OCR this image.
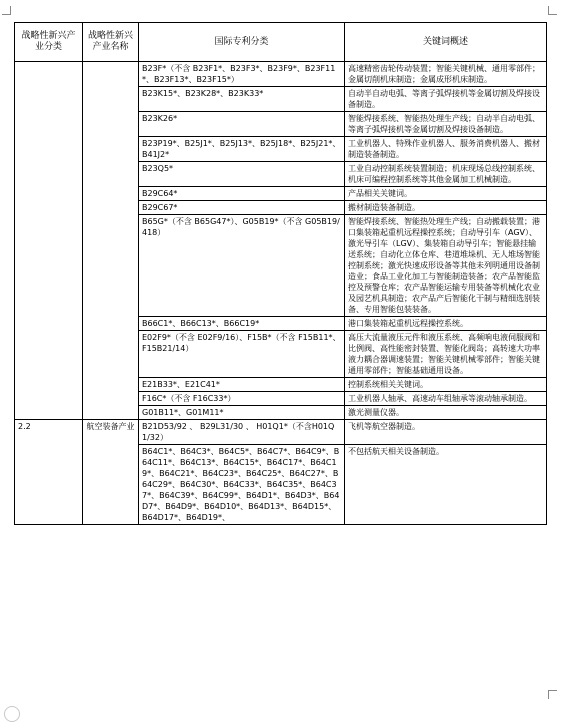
战略性新兴产业分类	战略性新兴产业名称	国际专利分类	关键词概述
		B23F*（不含 B23F1*、B23F3*、B23F9*、B23F11*、B23F13*、B23F15*）	高速精密齿轮传动装置；智能关键机械、通用零部件；金属切削机床制造；金属成形机床制造。
		B23K15*、B23K28*、B23K33*	自动半自动电弧、等离子弧焊接机等金属切割及焊接设备制造。
		B23K26*	智能焊接系统、智能热处理生产线；自动半自动电弧、等离子弧焊接机等金属切割及焊接设备制造。
		B23P19*、B25J1*、B25J13*、B25J18*、B25J21*、B41J2*	工业机器人、特殊作业机器人、服务消费机器人、搬材制造装备制造。
		B23Q5*	工业自动控制系统装置制造；机床现场总线控制系统、机床可编程控制系统等其他金属加工机械制造。
		B29C64*	产品相关关键词。
		B29C67*	搬材制造装备制造。
		B65G*（不含 B65G47*）、G05B19*（不含 G05B19/418）	智能焊接系统、智能热处理生产线；自动搬载装置；港口集装箱起重机远程操控系统；自动导引车（AGV）、激光导引车（LGV）、集装箱自动导引车；智能悬挂输送系统；自动化立体仓库、巷道堆垛机、无人堆场智能控制系统；激光快速成形设备等其他未列明通用设备制造业；食品工业化加工与智能制造装备；农产品智能监控及预警仓库；农产品智能运输专用装备等机械化农业及园艺机具制造；农产品产后智能化干制与精细选别装备、专用智能包装装备。
		B66C1*、B66C13*、B66C19*	港口集装箱起重机远程操控系统。
		E02F9*（不含 E02F9/16）、F15B*（不含 F15B11*、F15B21/14）	高压大流量液压元件和液压系统、高频响电液伺服阀和比例阀、高性能密封装置、智能化阀岛；高转速大功率液力耦合器调速装置；智能关键机械零部件；智能关键通用零部件；智能基础通用设备。
		E21B33*、E21C41*	控制系统相关关键词。
		F16C*（不含 F16C33*）	工业机器人轴承、高速动车组轴承等滚动轴承制造。
		G01B11*、G01M11*	激光测量仪器。
2.2	航空装备产业	B21D53/92 、 B29L31/30 、 H01Q1*（不含H01Q1/32）	飞机等航空器制造。
		B64C1*、B64C3*、B64C5*、B64C7*、B64C9*、B64C11*、B64C13*、B64C15*、B64C17*、B64C19*、B64C21*、B64C23*、B64C25*、B64C27*、B64C29*、B64C30*、B64C33*、B64C35*、B64C37*、B64C39*、B64C99*、B64D1*、B64D3*、B64D7*、B64D9*、B64D10*、B64D13*、B64D15*、B64D17*、B64D19*、	不包括航天相关设备制造。
